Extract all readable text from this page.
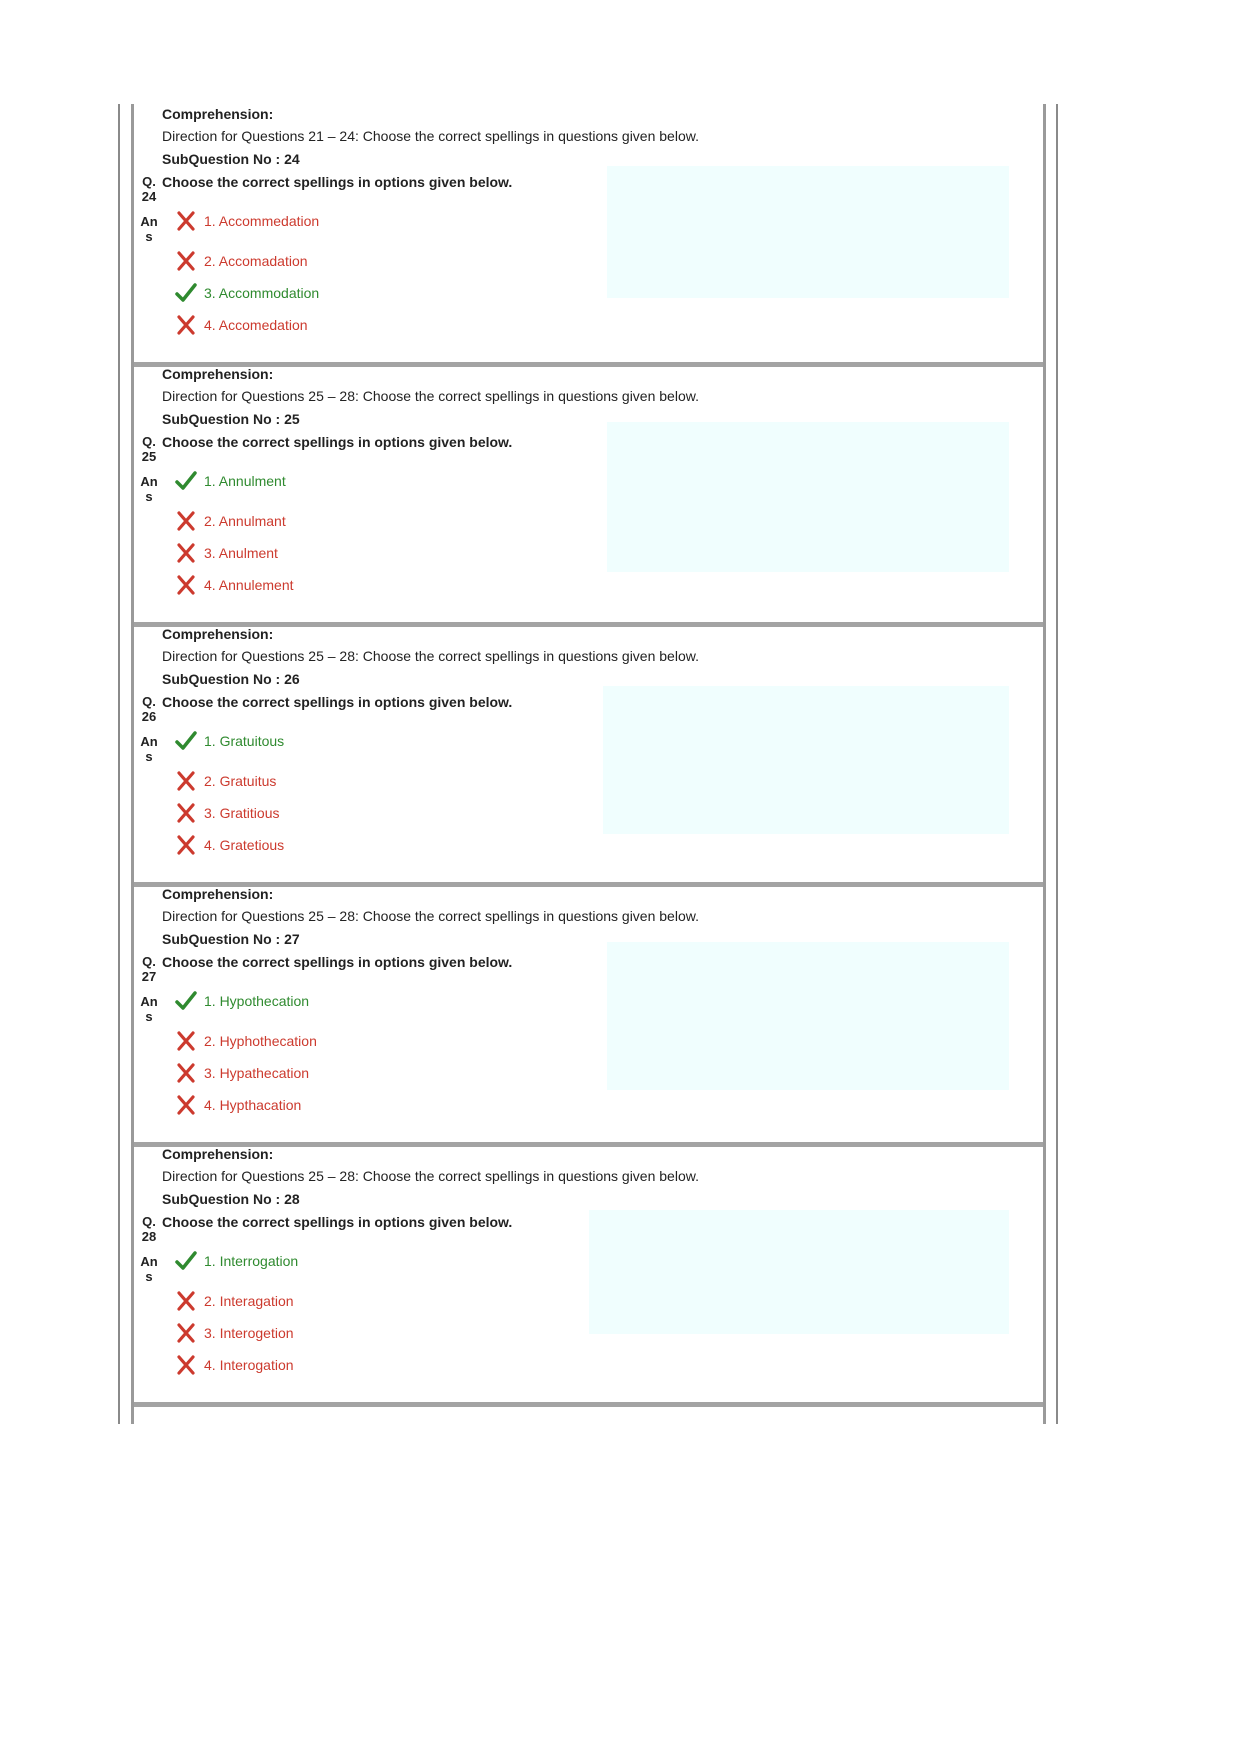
Comprehension:
Direction for Questions 21 – 24: Choose the correct spellings in questions given below.
SubQuestion No : 24
Q.
24
Choose the correct spellings in options given below.
An
s
1. Accommedation
2. Accomadation
3. Accommodation
4. Accomedation
Comprehension:
Direction for Questions 25 – 28: Choose the correct spellings in questions given below.
SubQuestion No : 25
Q.
25
Choose the correct spellings in options given below.
An
s
1. Annulment
2. Annulmant
3. Anulment
4. Annulement
Comprehension:
Direction for Questions 25 – 28: Choose the correct spellings in questions given below.
SubQuestion No : 26
Q.
26
Choose the correct spellings in options given below.
An
s
1. Gratuitous
2. Gratuitus
3. Gratitious
4. Gratetious
Comprehension:
Direction for Questions 25 – 28: Choose the correct spellings in questions given below.
SubQuestion No : 27
Q.
27
Choose the correct spellings in options given below.
An
s
1. Hypothecation
2. Hyphothecation
3. Hypathecation
4. Hypthacation
Comprehension:
Direction for Questions 25 – 28: Choose the correct spellings in questions given below.
SubQuestion No : 28
Q.
28
Choose the correct spellings in options given below.
An
s
1. Interrogation
2. Interagation
3. Interogetion
4. Interogation
